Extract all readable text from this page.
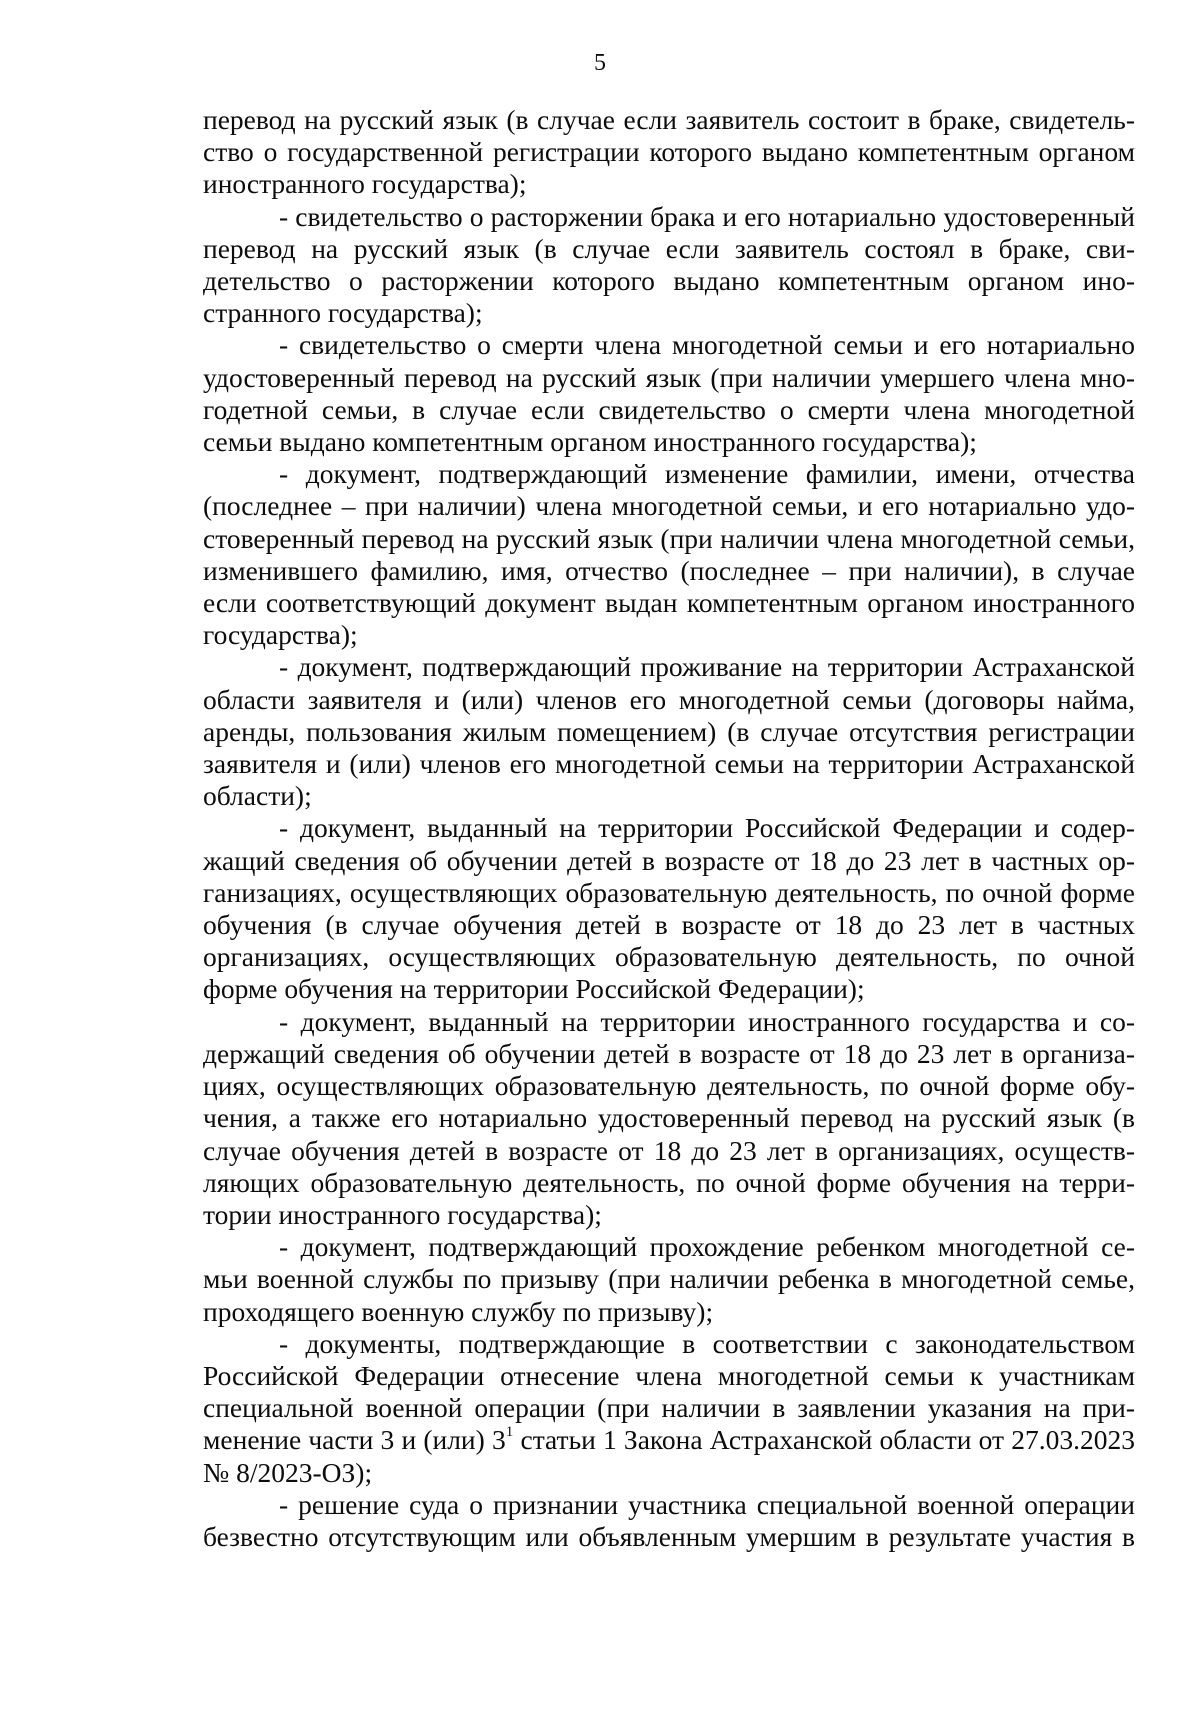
5

перевод на русский язык (в случае если заявитель состоит в браке, свидетельство о государственной регистрации которого выдано компетентным органом иностранного государства);

- свидетельство о расторжении брака и его нотариально удостоверенный перевод на русский язык (в случае если заявитель состоял в браке, свидетельство о расторжении которого выдано компетентным органом иностранного государства);

- свидетельство о смерти члена многодетной семьи и его нотариально удостоверенный перевод на русский язык (при наличии умершего члена многодетной семьи, в случае если свидетельство о смерти члена многодетной семьи выдано компетентным органом иностранного государства);

- документ, подтверждающий изменение фамилии, имени, отчества (последнее – при наличии) члена многодетной семьи, и его нотариально удостоверенный перевод на русский язык (при наличии члена многодетной семьи, изменившего фамилию, имя, отчество (последнее – при наличии), в случае если соответствующий документ выдан компетентным органом иностранного государства);

- документ, подтверждающий проживание на территории Астраханской области заявителя и (или) членов его многодетной семьи (договоры найма, аренды, пользования жилым помещением) (в случае отсутствия регистрации заявителя и (или) членов его многодетной семьи на территории Астраханской области);

- документ, выданный на территории Российской Федерации и содержащий сведения об обучении детей в возрасте от 18 до 23 лет в частных организациях, осуществляющих образовательную деятельность, по очной форме обучения (в случае обучения детей в возрасте от 18 до 23 лет в частных организациях, осуществляющих образовательную деятельность, по очной форме обучения на территории Российской Федерации);

- документ, выданный на территории иностранного государства и содержащий сведения об обучении детей в возрасте от 18 до 23 лет в организациях, осуществляющих образовательную деятельность, по очной форме обучения, а также его нотариально удостоверенный перевод на русский язык (в случае обучения детей в возрасте от 18 до 23 лет в организациях, осуществляющих образовательную деятельность, по очной форме обучения на территории иностранного государства);

- документ, подтверждающий прохождение ребенком многодетной семьи военной службы по призыву (при наличии ребенка в многодетной семье, проходящего военную службу по призыву);

- документы, подтверждающие в соответствии с законодательством Российской Федерации отнесение члена многодетной семьи к участникам специальной военной операции (при наличии в заявлении указания на применение части 3 и (или) 3$^1$ статьи 1 Закона Астраханской области от 27.03.2023 № 8/2023-ОЗ);

- решение суда о признании участника специальной военной операции безвестно отсутствующим или объявленным умершим в результате участия в
